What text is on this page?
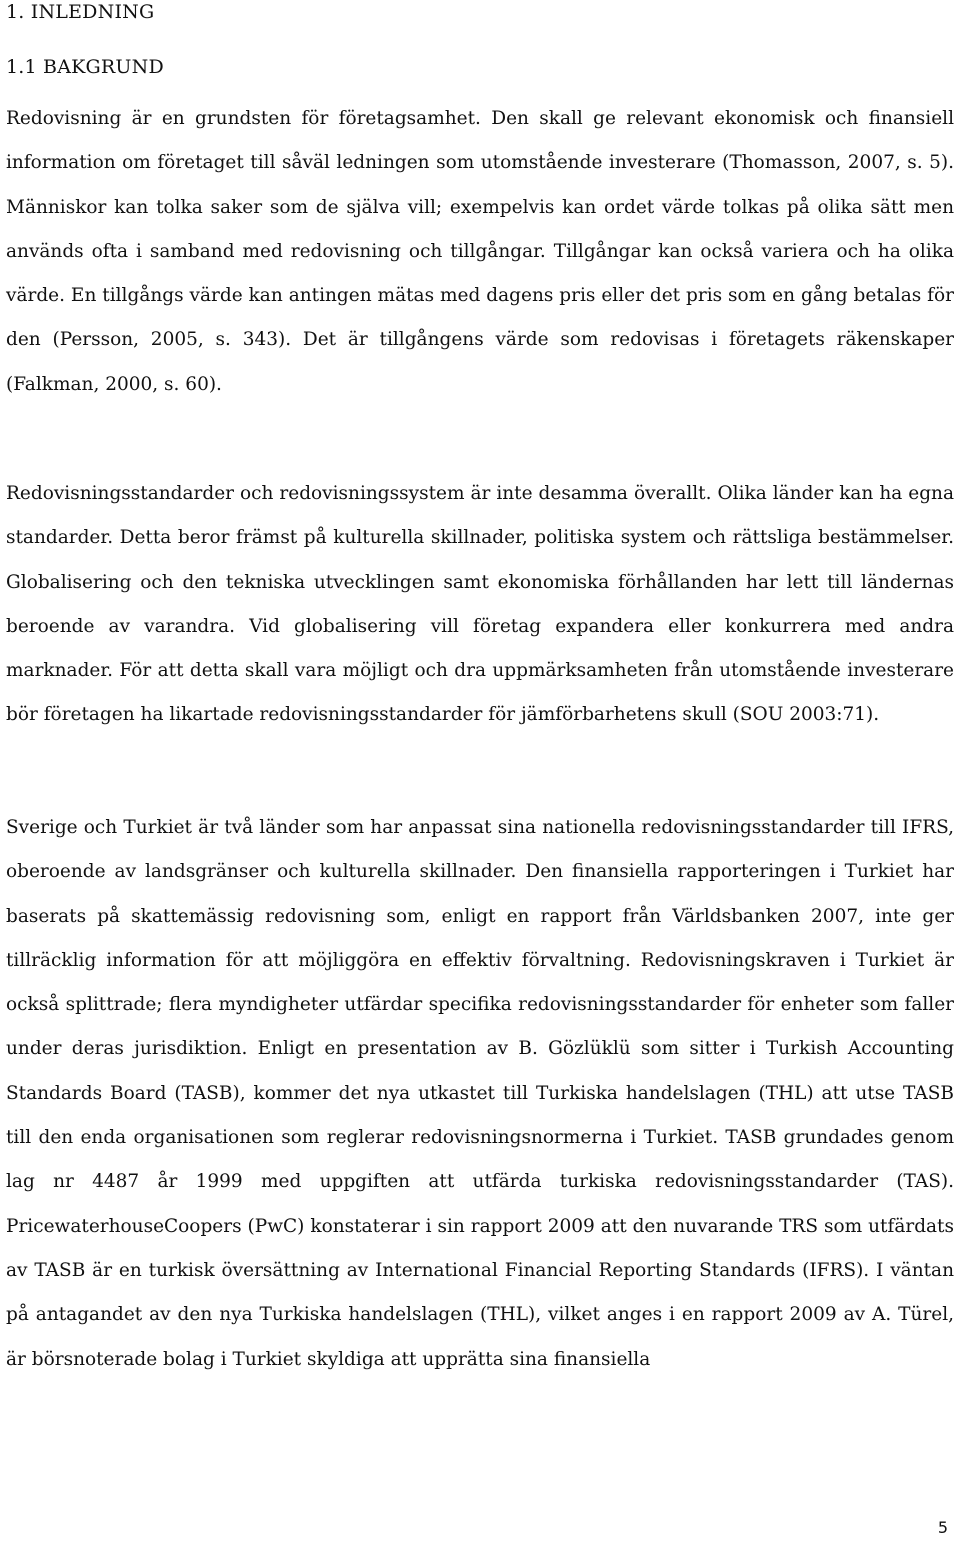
1. INLEDNING
1.1 BAKGRUND

Redovisning är en grundsten för företagsamhet. Den skall ge relevant ekonomisk och finansiell information om företaget till såväl ledningen som utomstående investerare (Thomasson, 2007, s. 5). Människor kan tolka saker som de själva vill; exempelvis kan ordet värde tolkas på olika sätt men används ofta i samband med redovisning och tillgångar. Tillgångar kan också variera och ha olika värde. En tillgångs värde kan antingen mätas med dagens pris eller det pris som en gång betalas för den (Persson, 2005, s. 343). Det är tillgångens värde som redovisas i företagets räkenskaper (Falkman, 2000, s. 60).

Redovisningsstandarder och redovisningssystem är inte desamma överallt. Olika länder kan ha egna standarder. Detta beror främst på kulturella skillnader, politiska system och rättsliga bestämmelser. Globalisering och den tekniska utvecklingen samt ekonomiska förhållanden har lett till ländernas beroende av varandra. Vid globalisering vill företag expandera eller konkurrera med andra marknader. För att detta skall vara möjligt och dra uppmärksamheten från utomstående investerare bör företagen ha likartade redovisningsstandarder för jämförbarhetens skull (SOU 2003:71).

Sverige och Turkiet är två länder som har anpassat sina nationella redovisningsstandarder till IFRS, oberoende av landsgränser och kulturella skillnader. Den finansiella rapporteringen i Turkiet har baserats på skattemässig redovisning som, enligt en rapport från Världsbanken 2007, inte ger tillräcklig information för att möjliggöra en effektiv förvaltning. Redovisningskraven i Turkiet är också splittrade; flera myndigheter utfärdar specifika redovisningsstandarder för enheter som faller under deras jurisdiktion. Enligt en presentation av B. Gözlüklü som sitter i Turkish Accounting Standards Board (TASB), kommer det nya utkastet till Turkiska handelslagen (THL) att utse TASB till den enda organisationen som reglerar redovisningsnormerna i Turkiet. TASB grundades genom lag nr 4487 år 1999 med uppgiften att utfärda turkiska redovisningsstandarder (TAS). PricewaterhouseCoopers (PwC) konstaterar i sin rapport 2009 att den nuvarande TRS som utfärdats av TASB är en turkisk översättning av International Financial Reporting Standards (IFRS). I väntan på antagandet av den nya Turkiska handelslagen (THL), vilket anges i en rapport 2009 av A. Türel, är börsnoterade bolag i Turkiet skyldiga att upprätta sina finansiella

5
